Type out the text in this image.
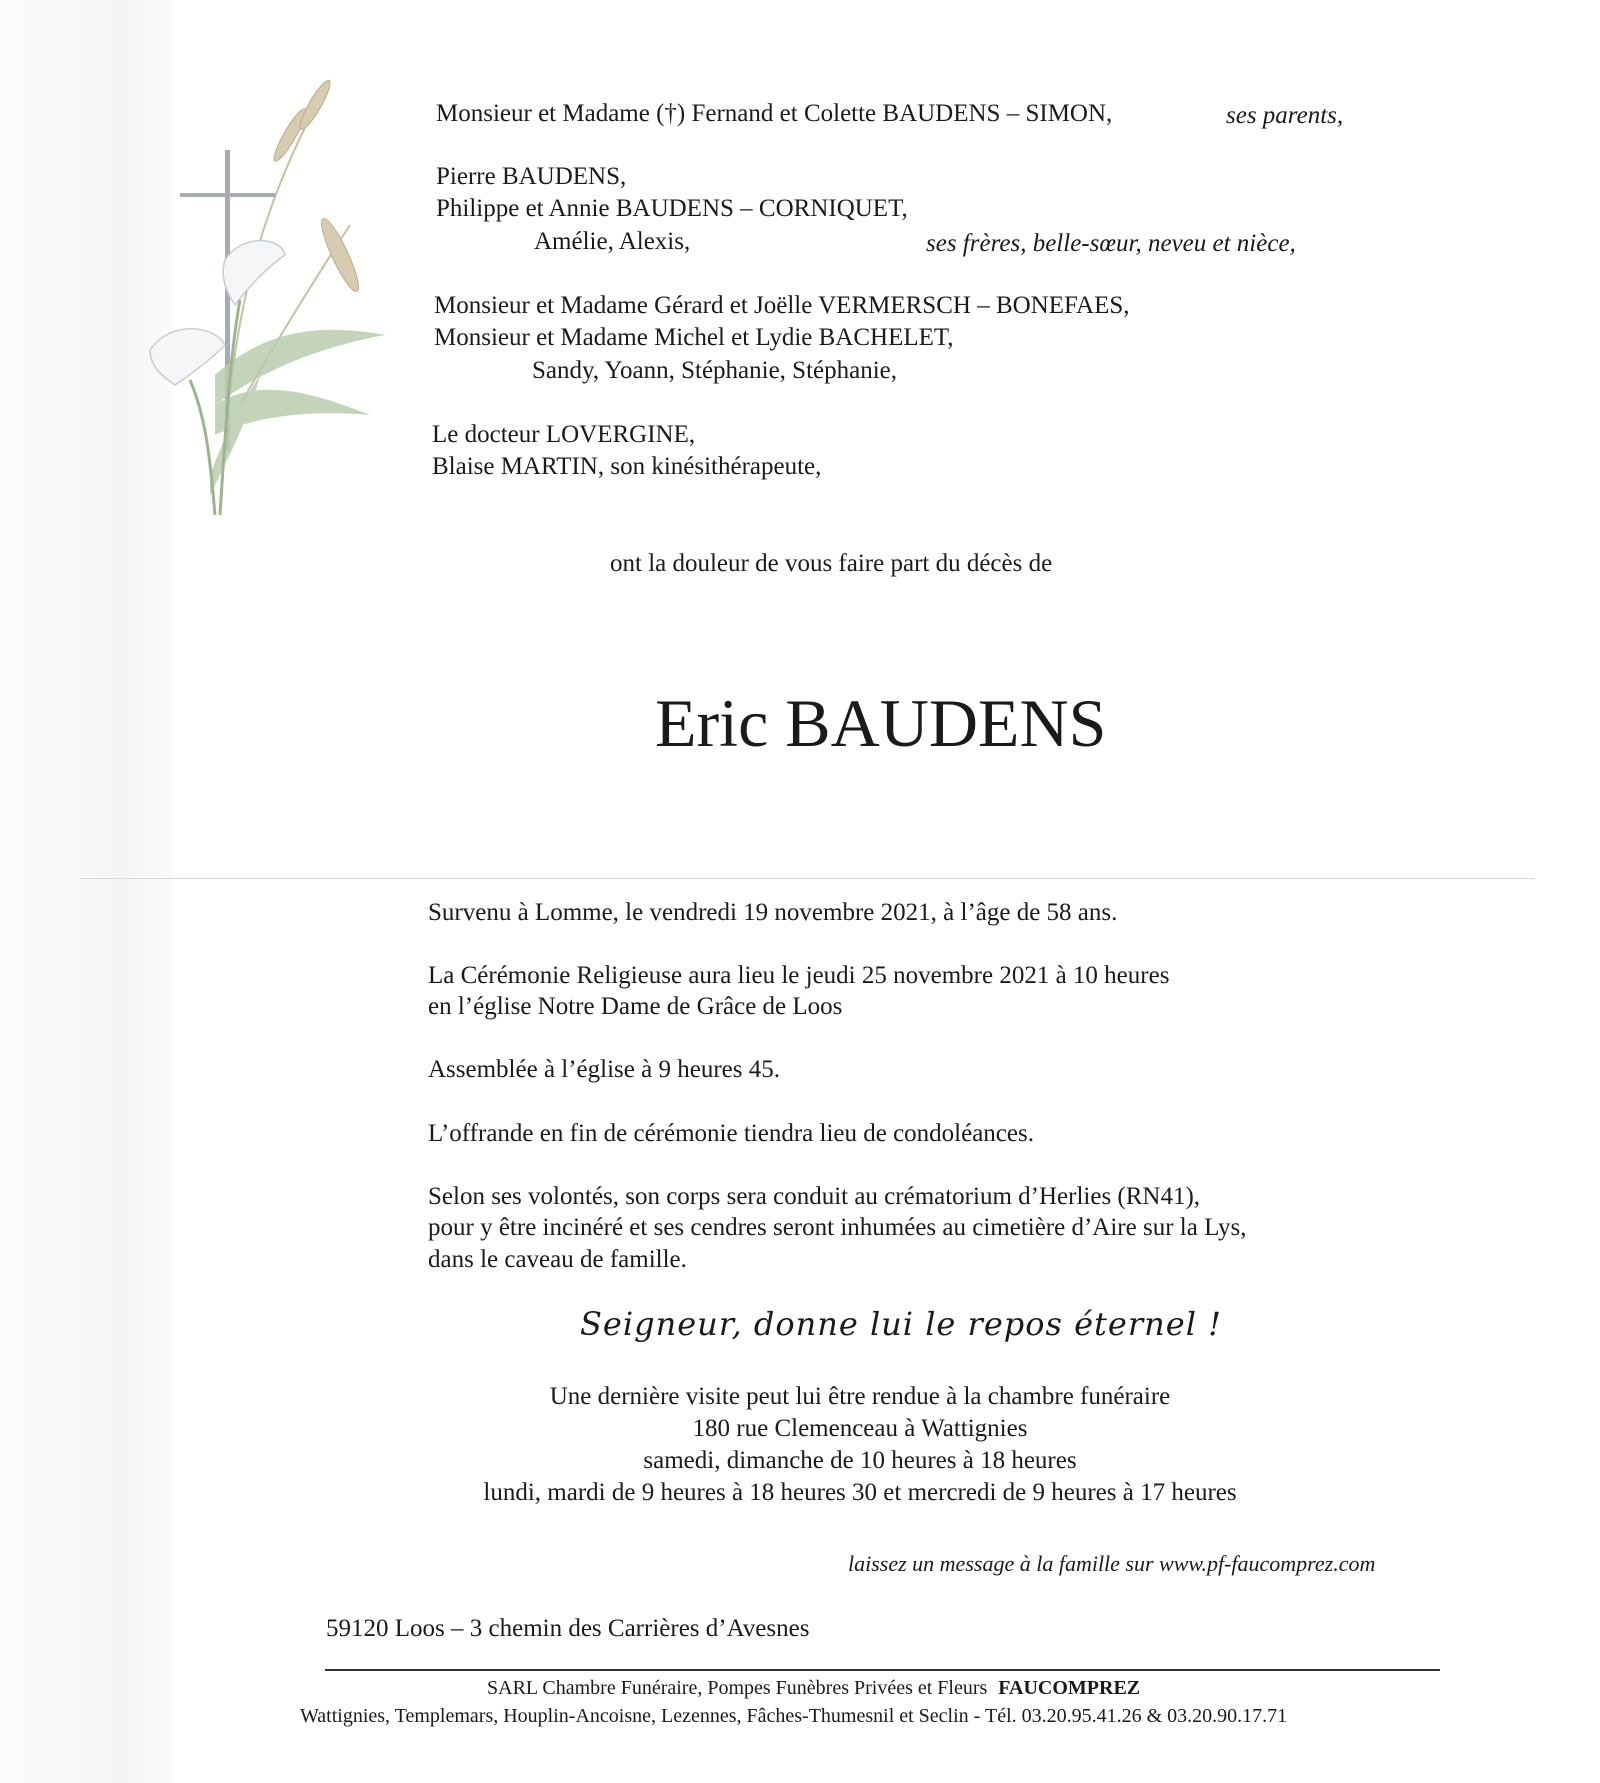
Monsieur et Madame (†) Fernand et Colette BAUDENS – SIMON,	ses parents,
Pierre BAUDENS,
Philippe et Annie BAUDENS – CORNIQUET,
Amélie, Alexis,	ses frères, belle-sœur, neveu et nièce,
Monsieur et Madame Gérard et Joëlle VERMERSCH – BONEFAES,
Monsieur et Madame Michel et Lydie BACHELET,
Sandy, Yoann, Stéphanie, Stéphanie,
Le docteur LOVERGINE,
Blaise MARTIN, son kinésithérapeute,
ont la douleur de vous faire part du décès de
Eric BAUDENS
Survenu à Lomme, le vendredi 19 novembre 2021, à l’âge de 58 ans.
La Cérémonie Religieuse aura lieu le jeudi 25 novembre 2021 à 10 heures
en l’église Notre Dame de Grâce de Loos
Assemblée à l’église à 9 heures 45.
L’offrande en fin de cérémonie tiendra lieu de condoléances.
Selon ses volontés, son corps sera conduit au crématorium d’Herlies (RN41),
pour y être incinéré et ses cendres seront inhumées au cimetière d’Aire sur la Lys,
dans le caveau de famille.
Seigneur, donne lui le repos éternel !
Une dernière visite peut lui être rendue à la chambre funéraire
180 rue Clemenceau à Wattignies
samedi, dimanche de 10 heures à 18 heures
lundi, mardi de 9 heures à 18 heures 30 et mercredi de 9 heures à 17 heures
laissez un message à la famille sur www.pf-faucomprez.com
59120 Loos – 3 chemin des Carrières d’Avesnes
SARL Chambre Funéraire, Pompes Funèbres Privées et Fleurs FAUCOMPREZ
Wattignies, Templemars, Houplin-Ancoisne, Lezennes, Fâches-Thumesnil et Seclin - Tél. 03.20.95.41.26 & 03.20.90.17.71
